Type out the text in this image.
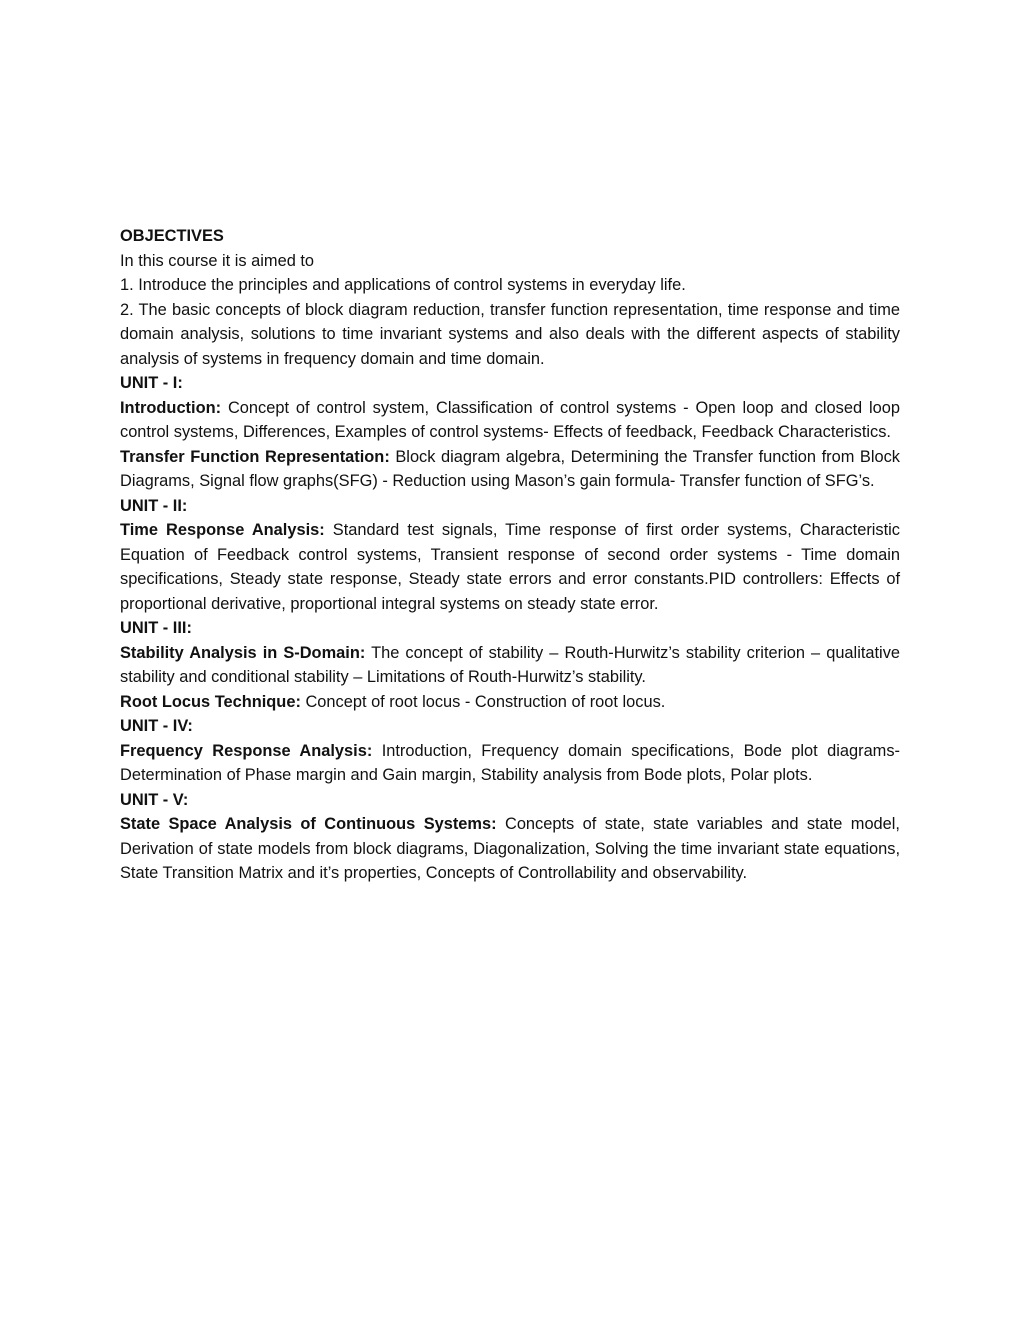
OBJECTIVES

In this course it is aimed to

1. Introduce the principles and applications of control systems in everyday life.

2. The basic concepts of block diagram reduction, transfer function representation, time response and time domain analysis, solutions to time invariant systems and also deals with the different aspects of stability analysis of systems in frequency domain and time domain.

UNIT - I:

Introduction: Concept of control system, Classification of control systems - Open loop and closed loop control systems, Differences, Examples of control systems- Effects of feedback, Feedback Characteristics.

Transfer Function Representation: Block diagram algebra, Determining the Transfer function from Block Diagrams, Signal flow graphs(SFG) - Reduction using Mason’s gain formula- Transfer function of SFG’s.

UNIT - II:

Time Response Analysis: Standard test signals, Time response of first order systems, Characteristic Equation of Feedback control systems, Transient response of second order systems - Time domain specifications, Steady state response, Steady state errors and error constants.PID controllers: Effects of proportional derivative, proportional integral systems on steady state error.

UNIT - III:

Stability Analysis in S-Domain: The concept of stability – Routh-Hurwitz’s stability criterion – qualitative stability and conditional stability – Limitations of Routh-Hurwitz’s stability.

Root Locus Technique: Concept of root locus - Construction of root locus.

UNIT - IV:

Frequency Response Analysis: Introduction, Frequency domain specifications, Bode plot diagrams-Determination of Phase margin and Gain margin, Stability analysis from Bode plots, Polar plots.

UNIT - V:

State Space Analysis of Continuous Systems: Concepts of state, state variables and state model, Derivation of state models from block diagrams, Diagonalization, Solving the time invariant state equations, State Transition Matrix and it’s properties, Concepts of Controllability and observability.
